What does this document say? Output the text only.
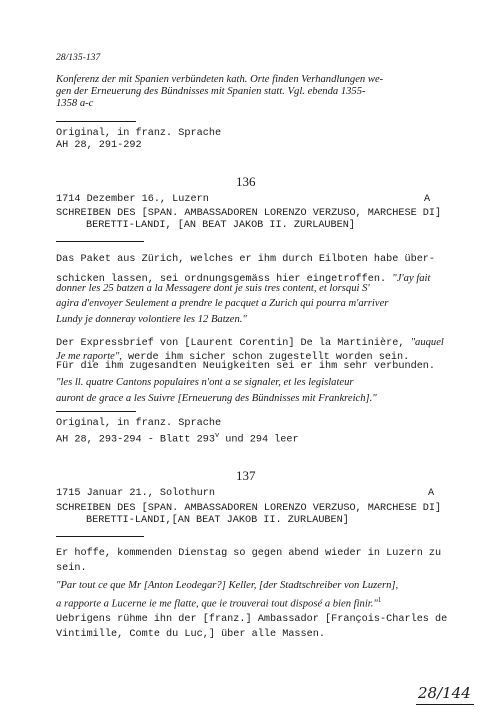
28/135-137
Konferenz der mit Spanien verbündeten kath. Orte finden Verhandlungen we-
gen der Erneuerung des Bündnisses mit Spanien statt. Vgl. ebenda 1355-
1358 a-c
Original, in franz. Sprache
AH 28, 291-292
136
1714 Dezember 16., Luzern	A
SCHREIBEN DES [SPAN. AMBASSADOREN LORENZO VERZUSO, MARCHESE DI]
BERETTI-LANDI, [AN BEAT JAKOB II. ZURLAUBEN]
Das Paket aus Zürich, welches er ihm durch Eilboten habe über-
schicken lassen, sei ordnungsgemäss hier eingetroffen. "J'ay fait
donner les 25 batzen a la Messagere dont je suis tres content, et lorsqui S'
agira d'envoyer Seulement a prendre le pacquet a Zurich qui pourra m'arriver
Lundy je donneray volontiere les 12 Batzen."
Der Expressbrief von [Laurent Corentin] De la Martinière, "auquel
Je me raporte", werde ihm sicher schon zugestellt worden sein.
Für die ihm zugesandten Neuigkeiten sei er ihm sehr verbunden.
"les ll. quatre Cantons populaires n'ont a se signaler, et les legislateur
auront de grace a les Suivre [Erneuerung des Bündnisses mit Frankreich]."
Original, in franz. Sprache
AH 28, 293-294 - Blatt 293$^v$ und 294 leer
137
1715 Januar 21., Solothurn	A
SCHREIBEN DES [SPAN. AMBASSADOREN LORENZO VERZUSO, MARCHESE DI]
BERETTI-LANDI,[AN BEAT JAKOB II. ZURLAUBEN]
Er hoffe, kommenden Dienstag so gegen abend wieder in Luzern zu
sein.
"Par tout ce que Mr [Anton Leodegar?] Keller, [der Stadtschreiber von Luzern],
a rapporte a Lucerne ie me flatte, que ie trouverai tout disposé a bien finir."$^1$
Uebrigens rühme ihn der [franz.] Ambassador [François-Charles de
Vintimille, Comte du Luc,] über alle Massen.
28/144
